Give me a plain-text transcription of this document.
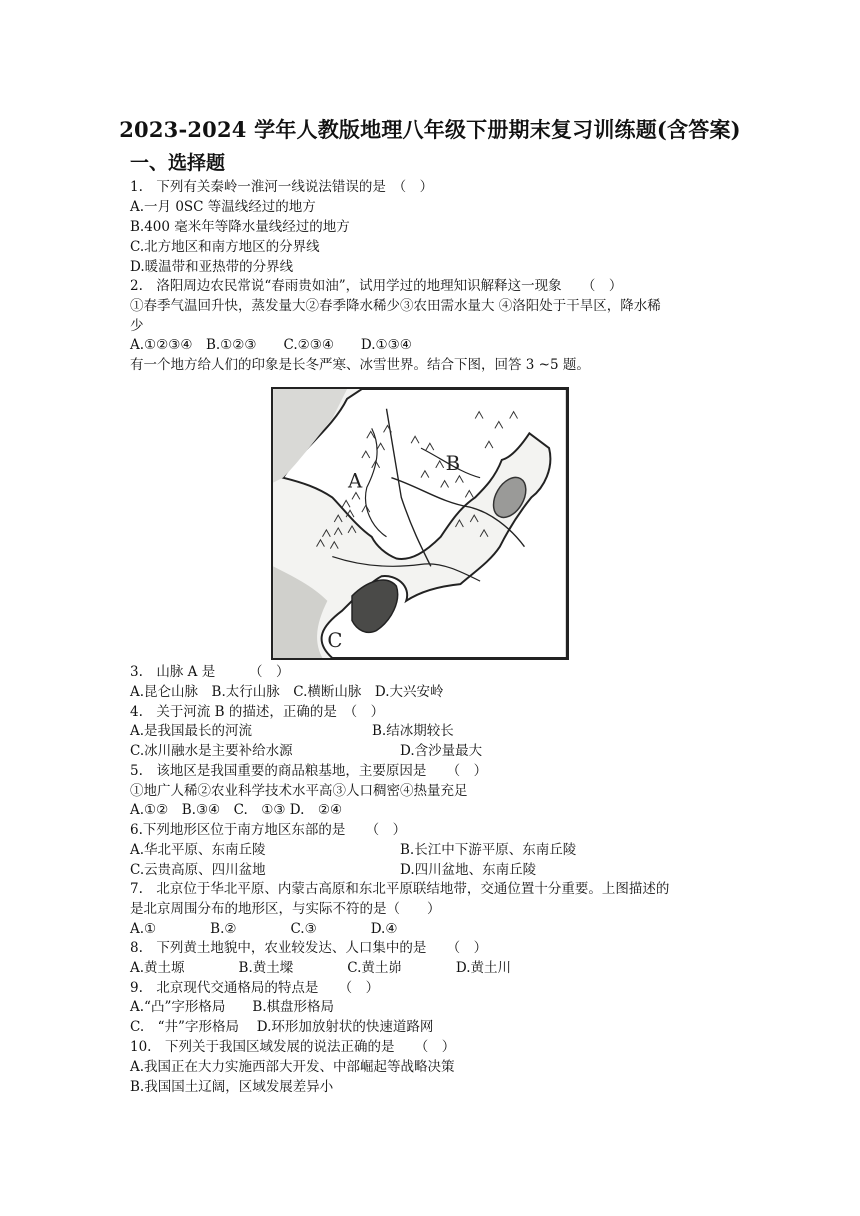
2023-2024 学年人教版地理八年级下册期末复习训练题(含答案)
一、选择题
1.　下列有关秦岭一淮河一线说法错误的是　（　）
A.一月 0SC 等温线经过的地方
B.400 毫米年等降水量线经过的地方
C.北方地区和南方地区的分界线
D.暖温带和亚热带的分界线
2.　洛阳周边农民常说“春雨贵如油”，试用学过的地理知识解释这一现象　　（　）
①春季气温回升快，蒸发量大②春季降水稀少③农田需水量大 ④洛阳处于干旱区，降水稀
少
A.①②③④　B.①②③　　C.②③④　　D.①③④
有一个地方给人们的印象是长冬严寒、冰雪世界。结合下图，回答 3 ~5 题。
A
B
C
3.　山脉 A 是　　　（　）
A.昆仑山脉　B.太行山脉　C.横断山脉　D.大兴安岭
4.　关于河流 B 的描述，正确的是　（　）
A.是我国最长的河流	B.结冰期较长
C.冰川融水是主要补给水源	D.含沙量最大
5.　该地区是我国重要的商品粮基地，主要原因是　　（　）
①地广人稀②农业科学技术水平高③人口稠密④热量充足
A.①②　B.③④　C.　①③ D.　②④
6.下列地形区位于南方地区东部的是　　（　）
A.华北平原、东南丘陵	B.长江中下游平原、东南丘陵
C.云贵高原、四川盆地	D.四川盆地、东南丘陵
7.　北京位于华北平原、内蒙古高原和东北平原联结地带，交通位置十分重要。上图描述的
是北京周围分布的地形区，与实际不符的是（　　）
A.①　　　　B.②　　　　C.③　　　　D.④
8.　下列黄土地貌中，农业较发达、人口集中的是　　（　）
A.黄土塬　　　　B.黄土墚　　　　C.黄土峁　　　　D.黄土川
9.　北京现代交通格局的特点是　　（　）
A.“凸”字形格局　　B.棋盘形格局
C.　“井”字形格局　 D.环形加放射状的快速道路网
10.　下列关于我国区域发展的说法正确的是　　（　）
A.我国正在大力实施西部大开发、中部崛起等战略决策
B.我国国土辽阔，区域发展差异小
